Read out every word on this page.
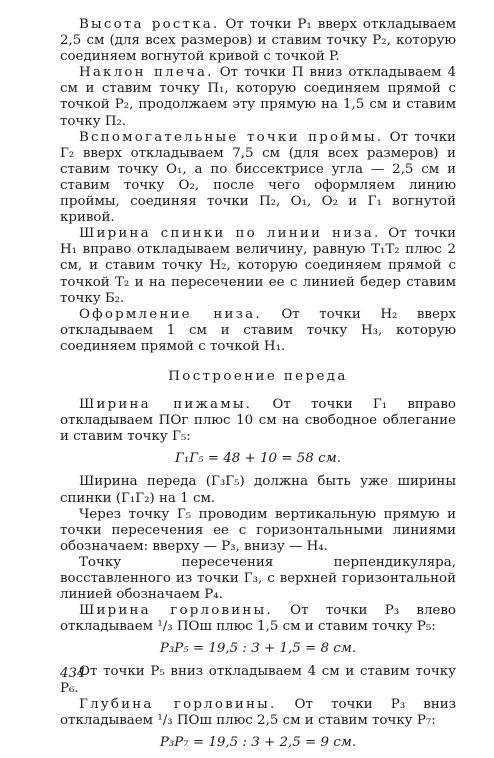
Высота ростка. От точки P₁ вверх откладываем 2,5 см (для всех размеров) и ставим точку P₂, которую соединяем вогнутой кривой с точкой P.

Наклон плеча. От точки П вниз откладываем 4 см и ставим точку П₁, которую соединяем прямой с точкой P₂, продолжаем эту прямую на 1,5 см и ставим точку П₂.

Вспомогательные точки проймы. От точки Г₂ вверх откладываем 7,5 см (для всех размеров) и ставим точку O₁, а по биссектрисе угла — 2,5 см и ставим точку O₂, после чего оформляем линию проймы, соединяя точки П₂, O₁, O₂ и Г₁ вогнутой кривой.

Ширина спинки по линии низа. От точки H₁ вправо откладываем величину, равную T₁T₂ плюс 2 см, и ставим точку H₂, которую соединяем прямой с точкой T₂ и на пересечении ее с линией бедер ставим точку Б₂.

Оформление низа. От точки H₂ вверх откладываем 1 см и ставим точку H₃, которую соединяем прямой с точкой H₁.

Построение переда

Ширина пижамы. От точки Г₁ вправо откладываем ПОг плюс 10 см на свободное облегание и ставим точку Г₅:

Г₁Г₅ = 48 + 10 = 58 см.

Ширина переда (Г₃Г₅) должна быть уже ширины спинки (Г₁Г₂) на 1 см.

Через точку Г₅ проводим вертикальную прямую и точки пересечения ее с горизонтальными линиями обозначаем: вверху — P₃, внизу — H₄.

Точку пересечения перпендикуляра, восставленного из точки Г₃, с верхней горизонтальной линией обозначаем P₄.

Ширина горловины. От точки P₃ влево откладываем ¹/₃ ПОш плюс 1,5 см и ставим точку P₅:

P₃P₅ = 19,5 : 3 + 1,5 = 8 см.

От точки P₅ вниз откладываем 4 см и ставим точку P₆.

Глубина горловины. От точки P₃ вниз откладываем ¹/₃ ПОш плюс 2,5 см и ставим точку P₇:

P₃P₇ = 19,5 : 3 + 2,5 = 9 см.

434
